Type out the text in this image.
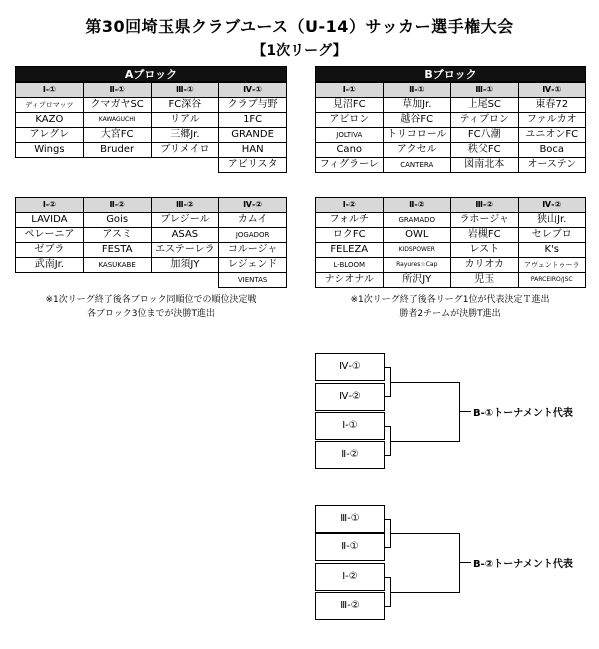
第30回埼玉県クラブユース（U-14）サッカー選手権大会
【1次リーグ】
Aブロック
Ⅰ-①	Ⅱ-①	Ⅲ-①	Ⅳ-①
ディプロマッツ	クマガヤSC	FC深谷	クラブ与野
KAZO	KAWAGUCHI	リアル	1FC
アレグレ	大宮FC	三郷Jr.	GRANDE
Wings	Bruder	ブリメイロ	HAN
			アビリスタ
Ⅰ-②	Ⅱ-②	Ⅲ-②	Ⅳ-②
LAVIDA	Gois	ブレジール	カムイ
ペレーニア	アスミ	ASAS	JOGADOR
ゼブラ	FESTA	エステーレラ	コルージャ
武南Jr.	KASUKABE	加須JY	レジェンド
			VIENTAS
Bブロック
Ⅰ-①	Ⅱ-①	Ⅲ-①	Ⅳ-①
見沼FC	草加Jr.	上尾SC	東春72
アビロン	越谷FC	ティブロン	ファルカオ
JOLTIVA	トリコロール	FC八潮	ユニオンFC
Cano	アクセル	秩父FC	Boca
フィグラーレ	CANTERA	図南北本	オーステン
Ⅰ-②	Ⅱ-②	Ⅲ-②	Ⅳ-②
フォルチ	GRAMADO	ラホージャ	狭山Jr.
ロクFC	OWL	岩槻FC	セレブロ
FELEZA	KIDSPOWER	レスト	K's
L-BLOOM	Rayures☆Cap	カリオカ	アヴェントゥーラ
ナシオナル	所沢JY	児玉	PARCEIRO/JSC
※1次リーグ終了後各ブロック同順位での順位決定戦
各ブロック3位までが決勝T進出
※1次リーグ終了後各リーグ1位が代表決定Ｔ進出
勝者2チームが決勝T進出
Ⅳ-①
Ⅳ-②
Ⅰ-①
Ⅱ-②
B-①トーナメント代表
Ⅲ-①
Ⅱ-①
Ⅰ-②
Ⅲ-②
B-②トーナメント代表
